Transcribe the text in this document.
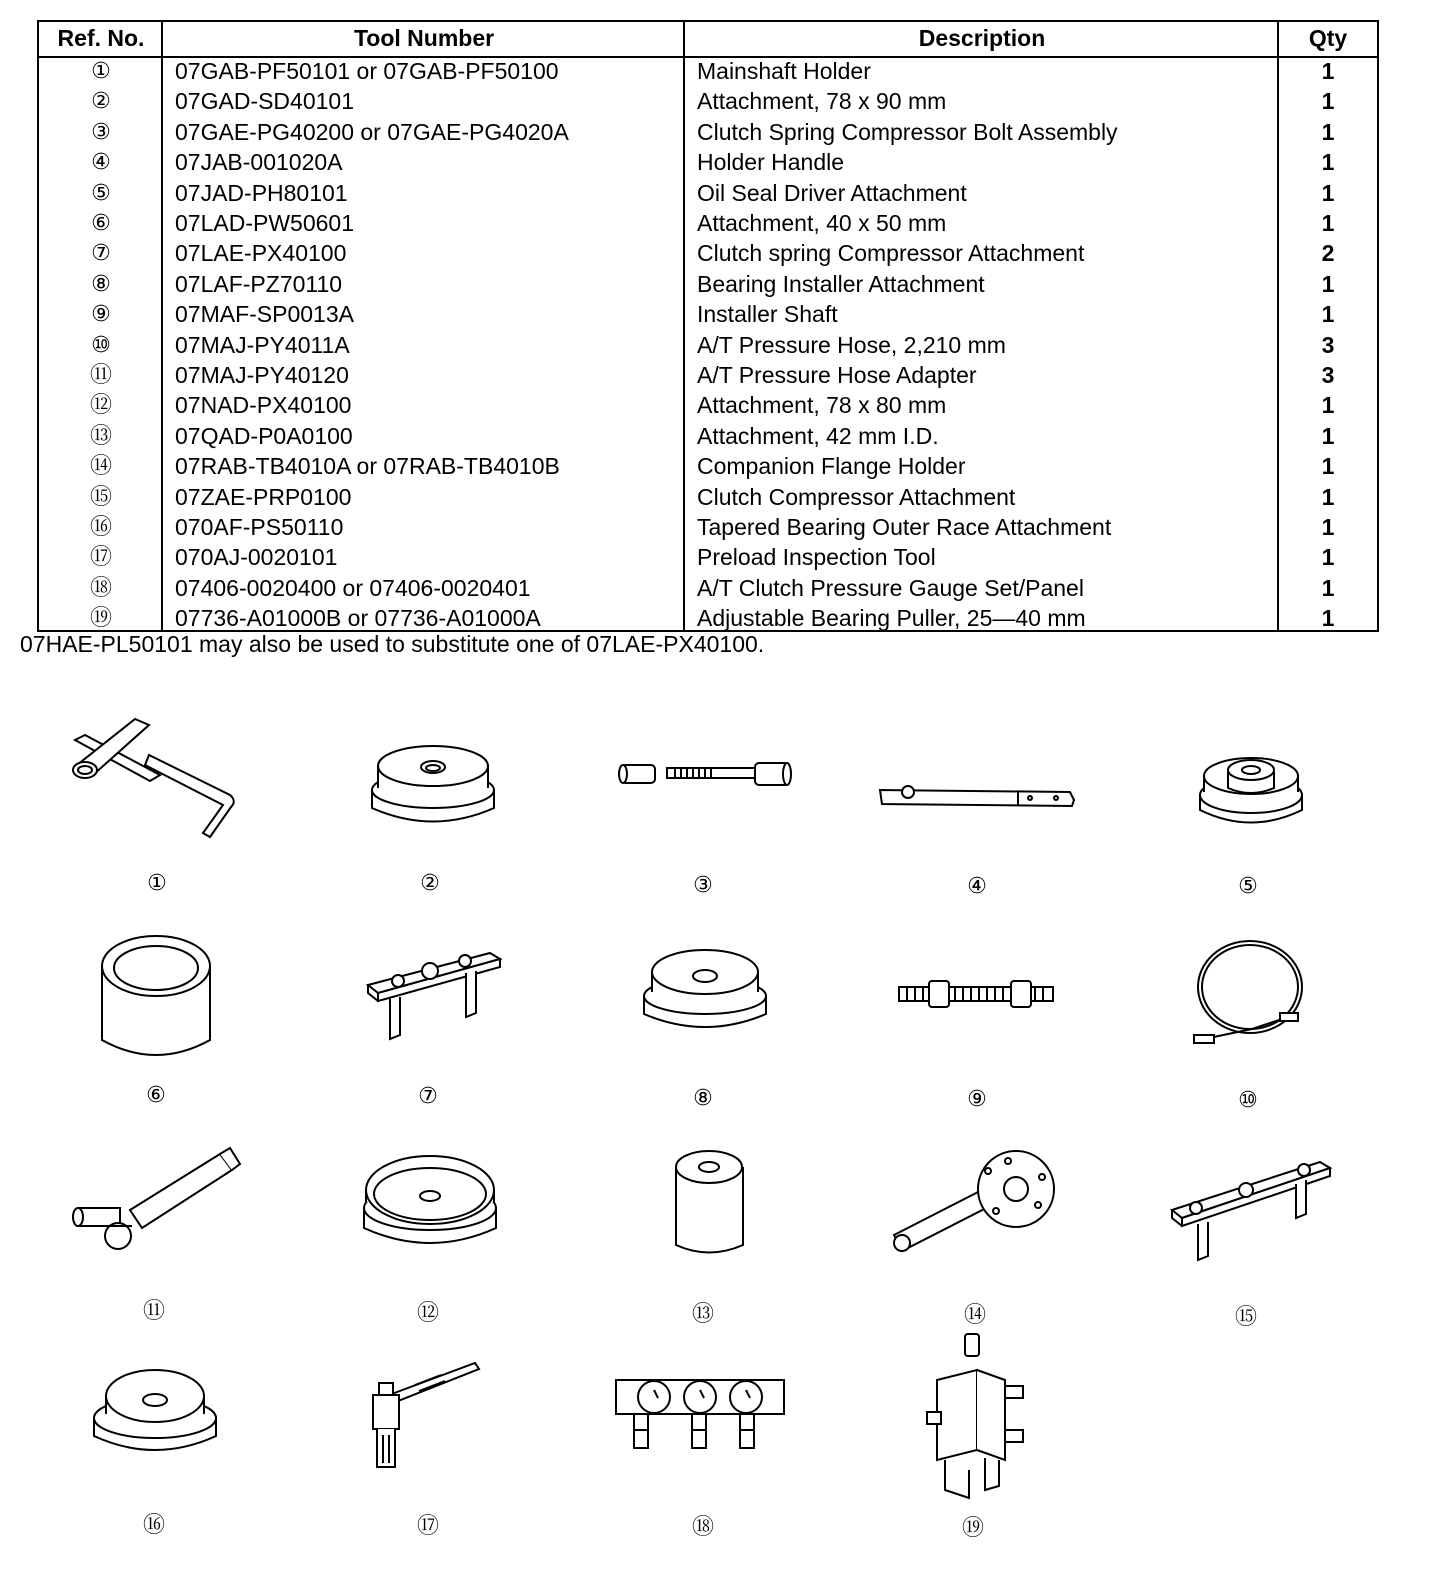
Ref. No.	Tool Number	Description	Qty
①	07GAB-PF50101 or 07GAB-PF50100	Mainshaft Holder	1
②	07GAD-SD40101	Attachment, 78 x 90 mm	1
③	07GAE-PG40200 or 07GAE-PG4020A	Clutch Spring Compressor Bolt Assembly	1
④	07JAB-001020A	Holder Handle	1
⑤	07JAD-PH80101	Oil Seal Driver Attachment	1
⑥	07LAD-PW50601	Attachment, 40 x 50 mm	1
⑦	07LAE-PX40100	Clutch spring Compressor Attachment	2
⑧	07LAF-PZ70110	Bearing Installer Attachment	1
⑨	07MAF-SP0013A	Installer Shaft	1
⑩	07MAJ-PY4011A	A/T Pressure Hose, 2,210 mm	3
⑪	07MAJ-PY40120	A/T Pressure Hose Adapter	3
⑫	07NAD-PX40100	Attachment, 78 x 80 mm	1
⑬	07QAD-P0A0100	Attachment, 42 mm I.D.	1
⑭	07RAB-TB4010A or 07RAB-TB4010B	Companion Flange Holder	1
⑮	07ZAE-PRP0100	Clutch Compressor Attachment	1
⑯	070AF-PS50110	Tapered Bearing Outer Race Attachment	1
⑰	070AJ-0020101	Preload Inspection Tool	1
⑱	07406-0020400 or 07406-0020401	A/T Clutch Pressure Gauge Set/Panel	1
⑲	07736-A01000B or 07736-A01000A	Adjustable Bearing Puller, 25—40 mm	1
07HAE-PL50101 may also be used to substitute one of 07LAE-PX40100.
①	②	③	④	⑤
⑥	⑦	⑧	⑨	⑩
⑪	⑫	⑬	⑭	⑮
⑯	⑰	⑱	⑲
